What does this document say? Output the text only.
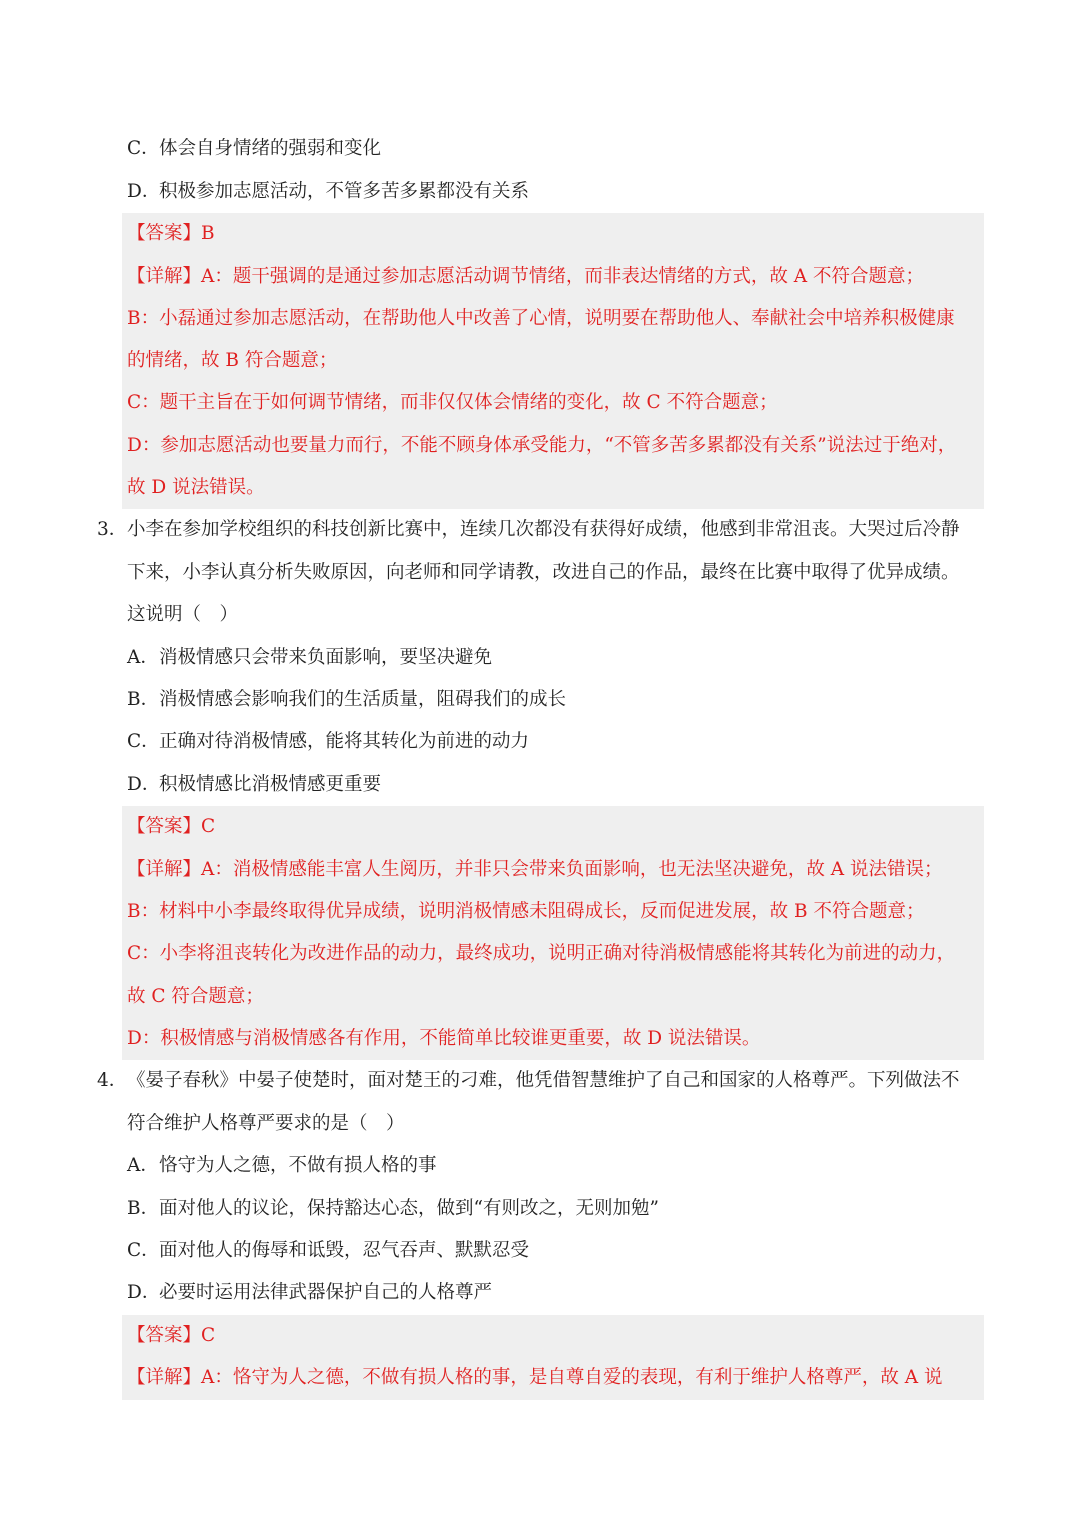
C．体会自身情绪的强弱和变化
D．积极参加志愿活动，不管多苦多累都没有关系
【答案】B
【详解】A：题干强调的是通过参加志愿活动调节情绪，而非表达情绪的方式，故 A 不符合题意；
B：小磊通过参加志愿活动，在帮助他人中改善了心情，说明要在帮助他人、奉献社会中培养积极健康
的情绪，故 B 符合题意；
C：题干主旨在于如何调节情绪，而非仅仅体会情绪的变化，故 C 不符合题意；
D：参加志愿活动也要量力而行，不能不顾身体承受能力，“不管多苦多累都没有关系”说法过于绝对，
故 D 说法错误。
3． 小李在参加学校组织的科技创新比赛中，连续几次都没有获得好成绩，他感到非常沮丧。大哭过后冷静
下来，小李认真分析失败原因，向老师和同学请教，改进自己的作品，最终在比赛中取得了优异成绩。
这说明（　）
A．消极情感只会带来负面影响，要坚决避免
B．消极情感会影响我们的生活质量，阻碍我们的成长
C．正确对待消极情感，能将其转化为前进的动力
D．积极情感比消极情感更重要
【答案】C
【详解】A：消极情感能丰富人生阅历，并非只会带来负面影响，也无法坚决避免，故 A 说法错误；
B：材料中小李最终取得优异成绩，说明消极情感未阻碍成长，反而促进发展，故 B 不符合题意；
C：小李将沮丧转化为改进作品的动力，最终成功，说明正确对待消极情感能将其转化为前进的动力，
故 C 符合题意；
D：积极情感与消极情感各有作用，不能简单比较谁更重要，故 D 说法错误。
4． 《晏子春秋》中晏子使楚时，面对楚王的刁难，他凭借智慧维护了自己和国家的人格尊严。下列做法不
符合维护人格尊严要求的是（　）
A．恪守为人之德，不做有损人格的事
B．面对他人的议论，保持豁达心态，做到“有则改之，无则加勉”
C．面对他人的侮辱和诋毁，忍气吞声、默默忍受
D．必要时运用法律武器保护自己的人格尊严
【答案】C
【详解】A：恪守为人之德，不做有损人格的事，是自尊自爱的表现，有利于维护人格尊严，故 A 说
